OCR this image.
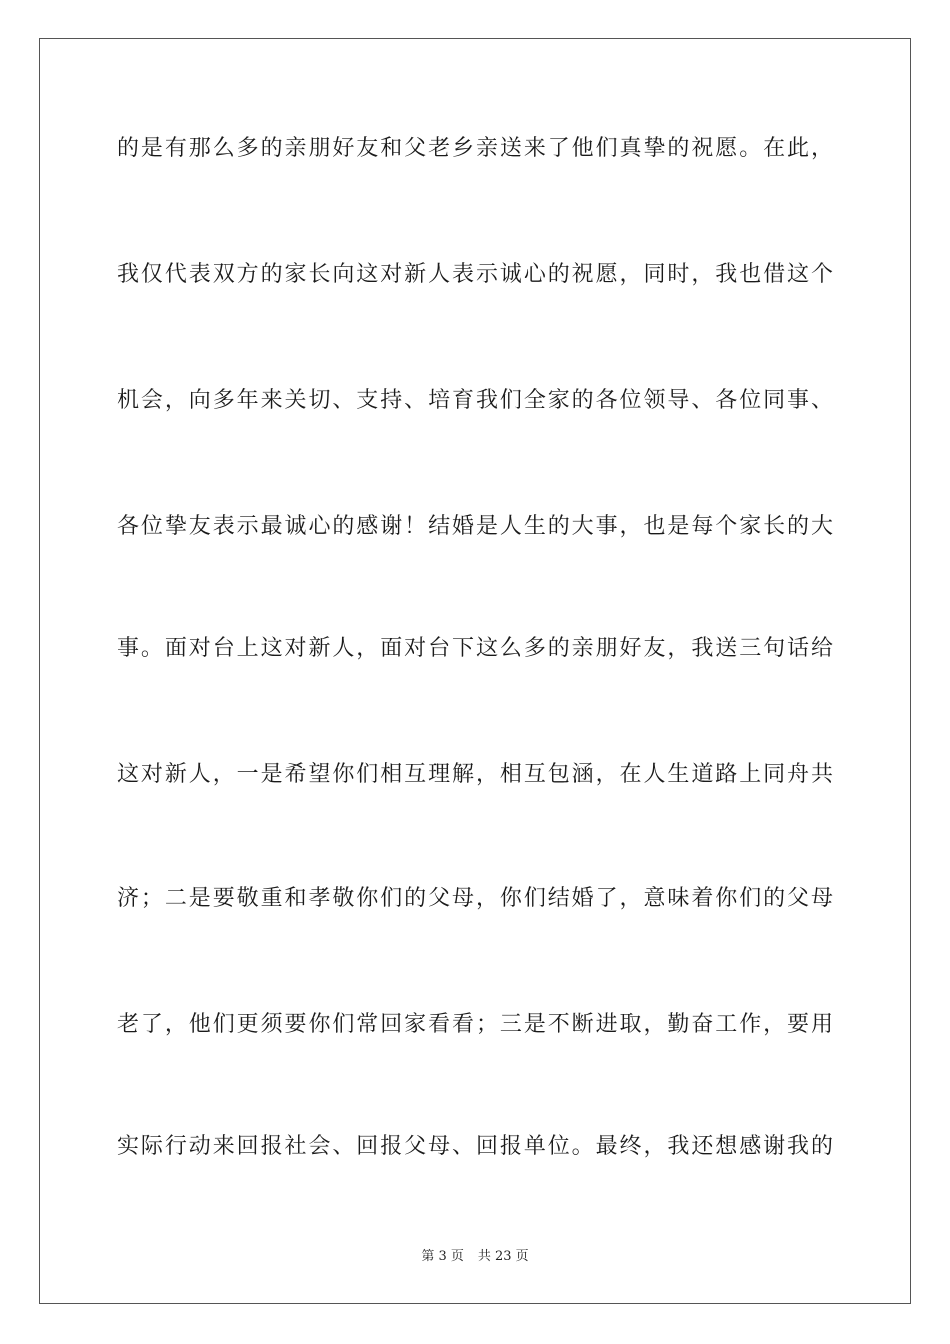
的是有那么多的亲朋好友和父老乡亲送来了他们真挚的祝愿。在此，
我仅代表双方的家长向这对新人表示诚心的祝愿，同时，我也借这个
机会，向多年来关切、支持、培育我们全家的各位领导、各位同事、
各位挚友表示最诚心的感谢！结婚是人生的大事，也是每个家长的大
事。面对台上这对新人，面对台下这么多的亲朋好友，我送三句话给
这对新人，一是希望你们相互理解，相互包涵，在人生道路上同舟共
济；二是要敬重和孝敬你们的父母，你们结婚了，意味着你们的父母
老了，他们更须要你们常回家看看；三是不断进取，勤奋工作，要用
实际行动来回报社会、回报父母、回报单位。最终，我还想感谢我的
第 3 页 共 23 页
